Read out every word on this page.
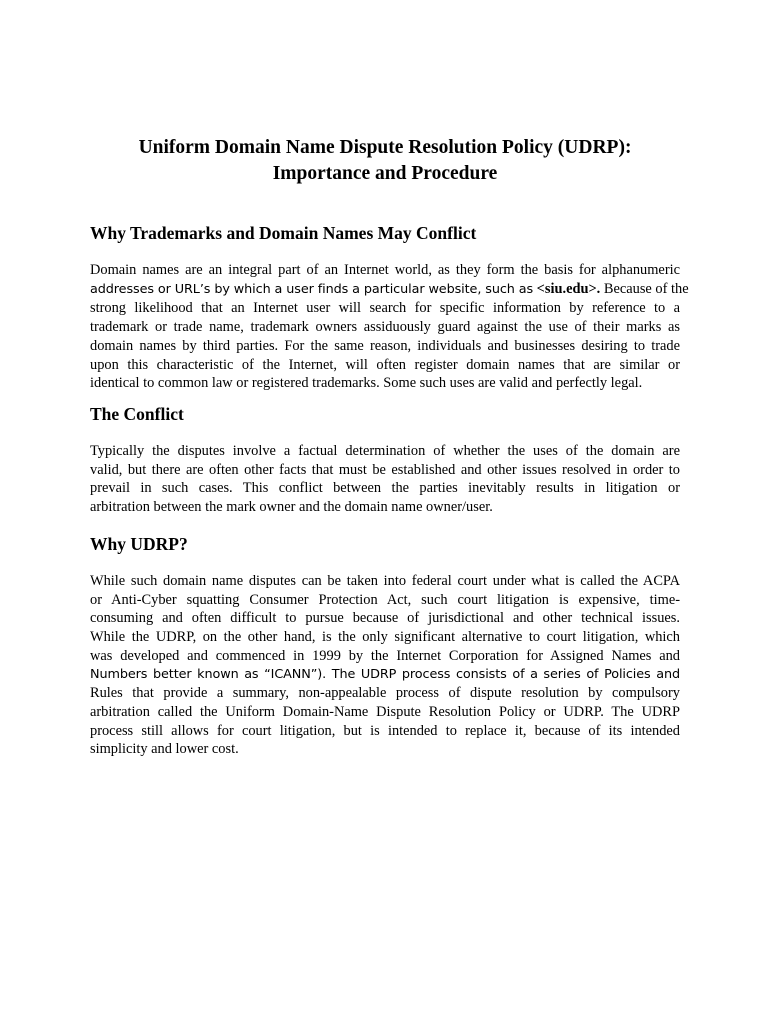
Uniform Domain Name Dispute Resolution Policy (UDRP):
Importance and Procedure
Why Trademarks and Domain Names May Conflict
Domain names are an integral part of an Internet world, as they form the basis for alphanumeric
addresses or URL’s by which a user finds a particular website, such as <siu.edu>. Because of the
strong likelihood that an Internet user will search for specific information by reference to a
trademark or trade name, trademark owners assiduously guard against the use of their marks as
domain names by third parties. For the same reason, individuals and businesses desiring to trade
upon this characteristic of the Internet, will often register domain names that are similar or
identical to common law or registered trademarks. Some such uses are valid and perfectly legal.
The Conflict
Typically the disputes involve a factual determination of whether the uses of the domain are
valid, but there are often other facts that must be established and other issues resolved in order to
prevail in such cases. This conflict between the parties inevitably results in litigation or
arbitration between the mark owner and the domain name owner/user.
Why UDRP?
While such domain name disputes can be taken into federal court under what is called the ACPA
or Anti-Cyber squatting Consumer Protection Act, such court litigation is expensive, time-
consuming and often difficult to pursue because of jurisdictional and other technical issues.
While the UDRP, on the other hand, is the only significant alternative to court litigation, which
was developed and commenced in 1999 by the Internet Corporation for Assigned Names and
Numbers better known as “ICANN”). The UDRP process consists of a series of Policies and
Rules that provide a summary, non-appealable process of dispute resolution by compulsory
arbitration called the Uniform Domain-Name Dispute Resolution Policy or UDRP. The UDRP
process still allows for court litigation, but is intended to replace it, because of its intended
simplicity and lower cost.
